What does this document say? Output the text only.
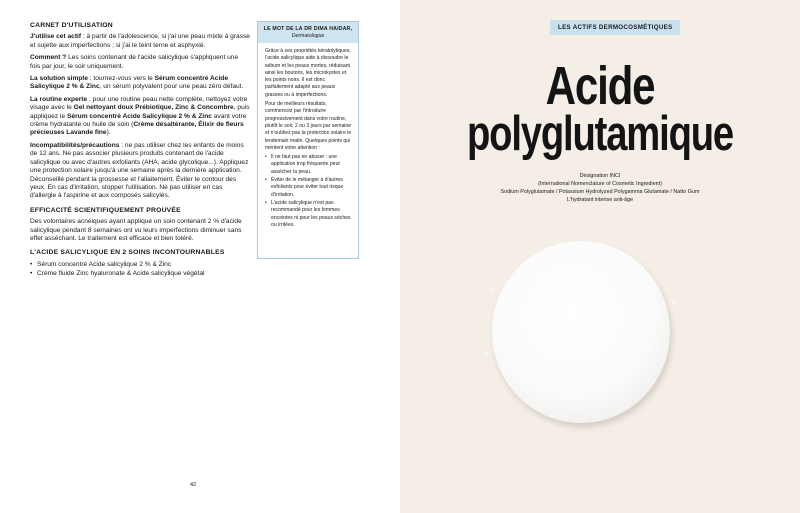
CARNET D'UTILISATION

J'utilise cet actif : à partir de l'adolescence, si j'ai une peau mixte à grasse et sujette aux imperfections ; si j'ai le teint terne et asphyxié.

Comment ? Les soins contenant de l'acide salicylique s'appliquent une fois par jour, le soir uniquement.

La solution simple : tournez-vous vers le Sérum concentré Acide Salicylique 2 % & Zinc, un sérum polyvalent pour une peau zéro défaut.

La routine experte : pour une routine peau nette complète, nettoyez votre visage avec le Gel nettoyant doux Prébiotique, Zinc & Concombre, puis appliquez le Sérum concentré Acide Salicylique 2 % & Zinc avant votre crème hydratante ou huile de soin (Crème désaltérante, Élixir de fleurs précieuses Lavande fine).

Incompatibilités/précautions : ne pas utiliser chez les enfants de moins de 12 ans. Ne pas associer plusieurs produits contenant de l'acide salicylique ou avec d'autres exfoliants (AHA, acide glycolique...). Appliquez une protection solaire jusqu'à une semaine après la dernière application. Déconseillé pendant la grossesse et l'allaitement. Éviter le contour des yeux. En cas d'irritation, stopper l'utilisation. Ne pas utiliser en cas d'allergie à l'aspirine et aux composés salicylés.

EFFICACITÉ SCIENTIFIQUEMENT PROUVÉE

Des volontaires acnéiques ayant appliqué un soin contenant 2 % d'acide salicylique pendant 8 semaines ont vu leurs imperfections diminuer sans effet asséchant. Le traitement est efficace et bien toléré.

L'ACIDE SALICYLIQUE EN 2 SOINS INCONTOURNABLES
• Sérum concentré Acide salicylique 2 % & Zinc
• Crème fluide Zinc hyaluronate & Acide salicylique végétal
LE MOT DE LA DR DIMA HAIDAR,
Dermatologue

Grâce à ses propriétés kératolytiques, l'acide salicylique aide à dissoudre le sébum et les peaux mortes, réduisant ainsi les boutons, les microkystes et les points noirs. Il est donc parfaitement adapté aux peaux grasses ou à imperfections.

Pour de meilleurs résultats, commencez par l'introduire progressivement dans votre routine, plutôt le soir, 2 ou 3 jours par semaine et n'oubliez pas la protection solaire le lendemain matin. Quelques points qui méritent votre attention :

• Il ne faut pas en abuser : une application trop fréquente peut assécher la peau.
• Éviter de le mélanger à d'autres exfoliants pour éviter tout risque d'irritation.
• L'acide salicylique n'est pas recommandé pour les femmes enceintes ni pour les peaux sèches ou irritées.
42
LES ACTIFS DERMOCOSMÉTIQUES
Acide
polyglutamique
Désignation INCI
(International Nomenclature of Cosmetic Ingredient)
Sodium Polyglutamate / Potassium Hydrolyzed Polygamma Glutamate / Natto Gum
L'hydratant intense anti-âge
